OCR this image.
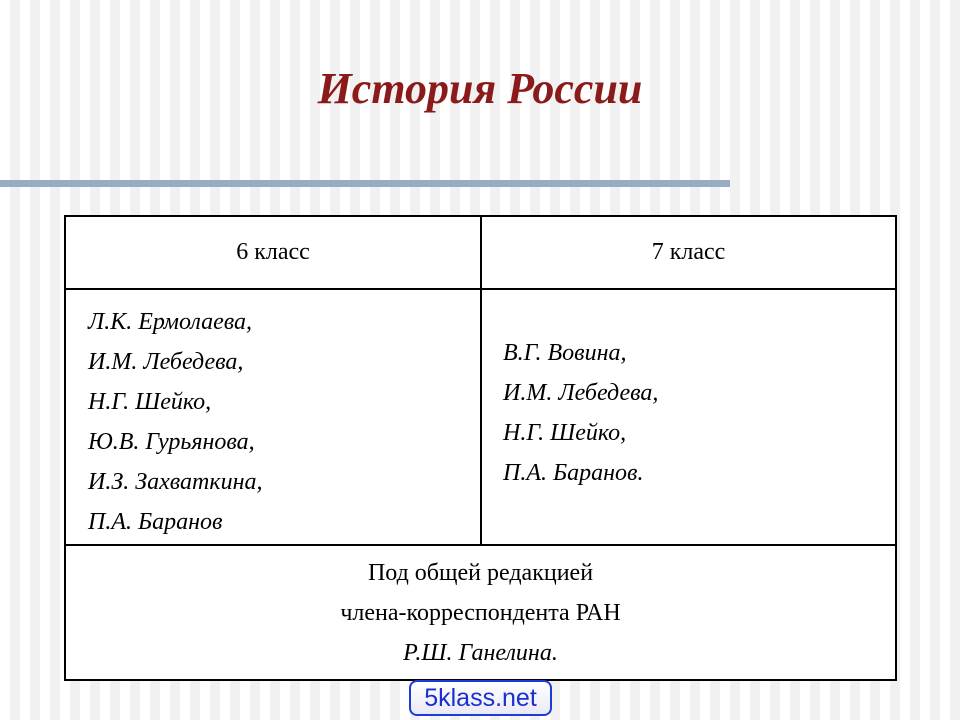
История России
6 класс	7 класс
Л.К. Ермолаева,
И.М. Лебедева,
Н.Г. Шейко,
Ю.В. Гурьянова,
И.З. Захваткина,
П.А. Баранов
В.Г. Вовина,
И.М. Лебедева,
Н.Г. Шейко,
П.А. Баранов.
Под общей редакцией
члена-корреспондента РАН
Р.Ш. Ганелина.
5klass.net
